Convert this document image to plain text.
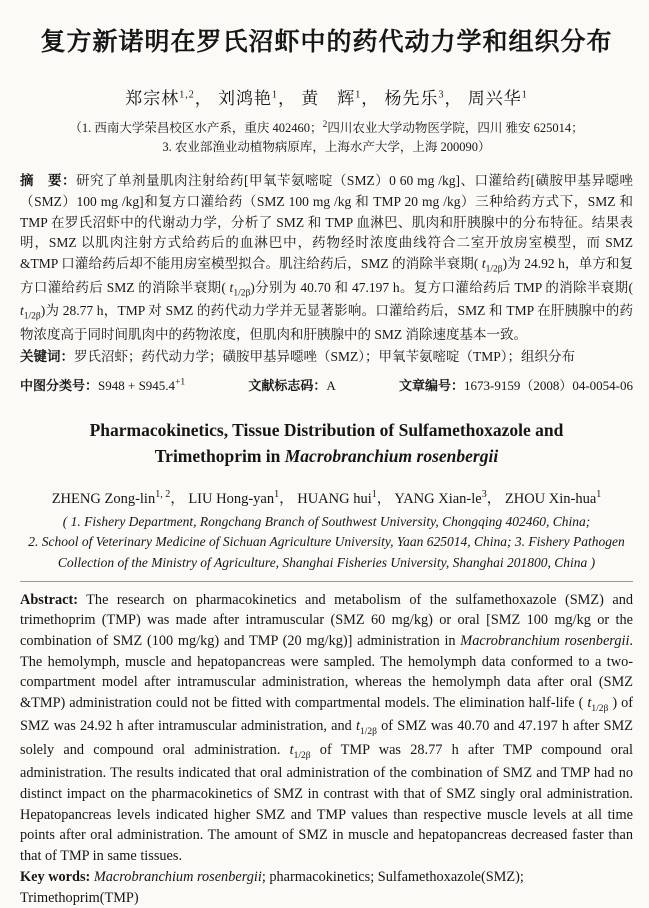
复方新诺明在罗氏沼虾中的药代动力学和组织分布
郑宗林$^{1,2}$， 刘鸿艳$^1$， 黄　辉$^1$， 杨先乐$^3$， 周兴华$^1$
（1. 西南大学荣昌校区水产系，重庆 402460；$^2$四川农业大学动物医学院，四川 雅安 625014；
3. 农业部渔业动植物病原库，上海水产大学，上海 200090）

摘　要：研究了单剂量肌肉注射给药[甲氧苄氨嘧啶（SMZ）0 60 mg /kg]、口灌给药[磺胺甲基异噁唑（SMZ）100 mg /kg]和复方口灌给药（SMZ 100 mg /kg 和 TMP 20 mg /kg）三种给药方式下，SMZ 和 TMP 在罗氏沼虾中的代谢动力学，分析了 SMZ 和 TMP 血淋巴、肌肉和肝胰腺中的分布特征。结果表明，SMZ 以肌肉注射方式给药后的血淋巴中，药物经时浓度曲线符合二室开放房室模型，而 SMZ &TMP 口灌给药后却不能用房室模型拟合。肌注给药后，SMZ 的消除半衰期( $t_{1/2\beta}$)为 24.92 h，单方和复方口灌给药后 SMZ 的消除半衰期( $t_{1/2\beta}$)分别为 40.70 和 47.197 h。复方口灌给药后 TMP 的消除半衰期( $t_{1/2\beta}$)为 28.77 h，TMP 对 SMZ 的药代动力学并无显著影响。口灌给药后，SMZ 和 TMP 在肝胰腺中的药物浓度高于同时间肌肉中的药物浓度，但肌肉和肝胰腺中的 SMZ 消除速度基本一致。

关键词：罗氏沼虾；药代动力学；磺胺甲基异噁唑（SMZ）；甲氧苄氨嘧啶（TMP）；组织分布

中图分类号：$S948 + S945.4^{+1}$	文献标志码：A	文章编号：1673-9159（2008）04-0054-06
Pharmacokinetics, Tissue Distribution of Sulfamethoxazole and
Trimethoprim in Macrobranchium rosenbergii
ZHENG Zong-lin$^{1, 2}$， LIU Hong-yan$^1$， HUANG hui$^1$， YANG Xian-$le^3$， ZHOU Xin-hua$^1$
( 1. Fishery Department, Rongchang Branch of Southwest University, Chongqing 402460, China;
2. School of Veterinary Medicine of Sichuan Agriculture University, Yaan 625014, China; 3. Fishery Pathogen
Collection of the Ministry of Agriculture, Shanghai Fisheries University, Shanghai 201800, China )

Abstract: The research on pharmacokinetics and metabolism of the sulfamethoxazole (SMZ) and trimethoprim (TMP) was made after intramuscular (SMZ 60 mg/kg) or oral [SMZ 100 mg/kg or the combination of SMZ (100 mg/kg) and TMP (20 mg/kg)] administration in Macrobranchium rosenbergii. The hemolymph, muscle and hepatopancreas were sampled. The hemolymph data conformed to a two-compartment model after intramuscular administration, whereas the hemolymph data after oral (SMZ &TMP) administration could not be fitted with compartmental models. The elimination half-life ( $t_{1/2\beta}$ ) of SMZ was 24.92 h after intramuscular administration, and $t_{1/2\beta}$ of SMZ was 40.70 and 47.197 h after SMZ solely and compound oral administration. $t_{1/2\beta}$ of TMP was 28.77 h after TMP compound oral administration. The results indicated that oral administration of the combination of SMZ and TMP had no distinct impact on the pharmacokinetics of SMZ in contrast with that of SMZ singly oral administration. Hepatopancreas levels indicated higher SMZ and TMP values than respective muscle levels at all time points after oral administration. The amount of SMZ in muscle and hepatopancreas decreased faster than that of TMP in same tissues.

Key words: Macrobranchium rosenbergii; pharmacokinetics; Sulfamethoxazole(SMZ); Trimethoprim(TMP)
